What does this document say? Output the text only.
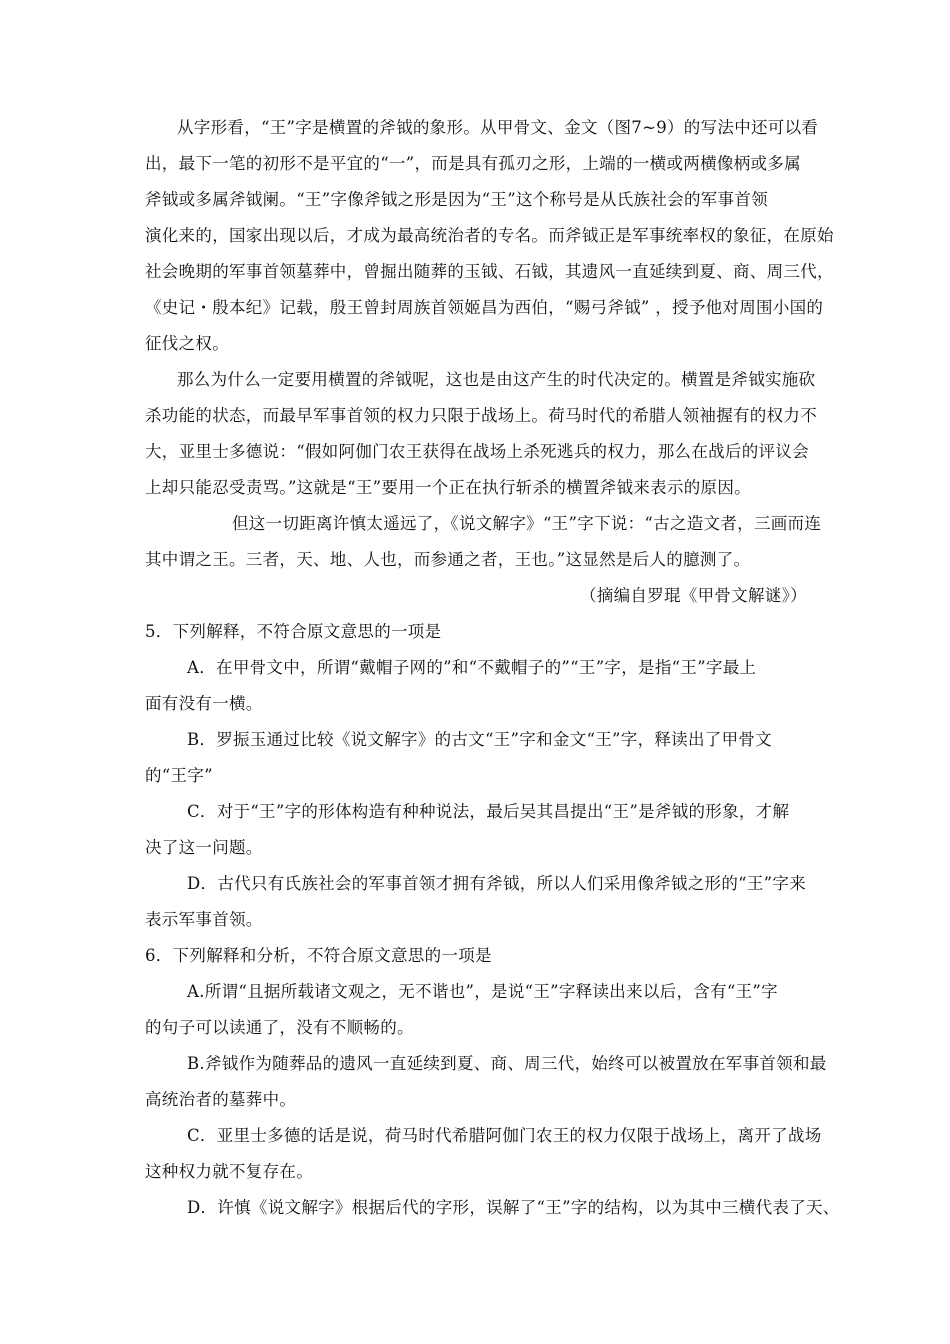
从字形看，“王”字是横置的斧钺的象形。从甲骨文、金文（图7~9）的写法中还可以看
出，最下一笔的初形不是平宜的“一”，而是具有孤刃之形，上端的一横或两横像柄或多属
斧钺或多属斧钺阑。“王”字像斧钺之形是因为“王”这个称号是从氏族社会的军事首领
演化来的，国家出现以后，才成为最高统治者的专名。而斧钺正是军事统率权的象征，在原始
社会晚期的军事首领墓葬中，曾掘出随葬的玉钺、石钺，其遗风一直延续到夏、商、周三代，
《史记・殷本纪》记载，殷王曾封周族首领姬昌为西伯，“赐弓斧钺” ，授予他对周围小国的
征伐之权。
那么为什么一定要用横置的斧钺呢，这也是由这产生的时代决定的。横置是斧钺实施砍
杀功能的状态，而最早军事首领的权力只限于战场上。荷马时代的希腊人领袖握有的权力不
大，亚里士多德说：“假如阿伽门农王获得在战场上杀死逃兵的权力，那么在战后的评议会
上却只能忍受责骂。”这就是“王”要用一个正在执行斩杀的横置斧钺来表示的原因。
但这一切距离许慎太遥远了，《说文解字》“王”字下说：“古之造文者，三画而连
其中谓之王。三者，天、地、人也，而参通之者，王也。”这显然是后人的臆测了。
（摘编自罗琨《甲骨文解谜》）
5．下列解释，不符合原文意思的一项是
A．在甲骨文中，所谓“戴帽子网的”和“不戴帽子的”“王”字，是指“王”字最上
面有没有一横。
B．罗振玉通过比较《说文解字》的古文“王”字和金文“王”字，释读出了甲骨文
的“王字”
C．对于“王”字的形体构造有种种说法，最后吴其昌提出“王”是斧钺的形象，才解
决了这一问题。
D．古代只有氏族社会的军事首领才拥有斧钺，所以人们采用像斧钺之形的“王”字来
表示军事首领。
6．下列解释和分析，不符合原文意思的一项是
A.所谓“且据所载诸文观之，无不谐也”，是说“王”字释读出来以后，含有“王”字
的句子可以读通了，没有不顺畅的。
B.斧钺作为随葬品的遗风一直延续到夏、商、周三代，始终可以被置放在军事首领和最
高统治者的墓葬中。
C．亚里士多德的话是说，荷马时代希腊阿伽门农王的权力仅限于战场上，离开了战场
这种权力就不复存在。
D．许慎《说文解字》根据后代的字形，误解了“王”字的结构，以为其中三横代表了天、
